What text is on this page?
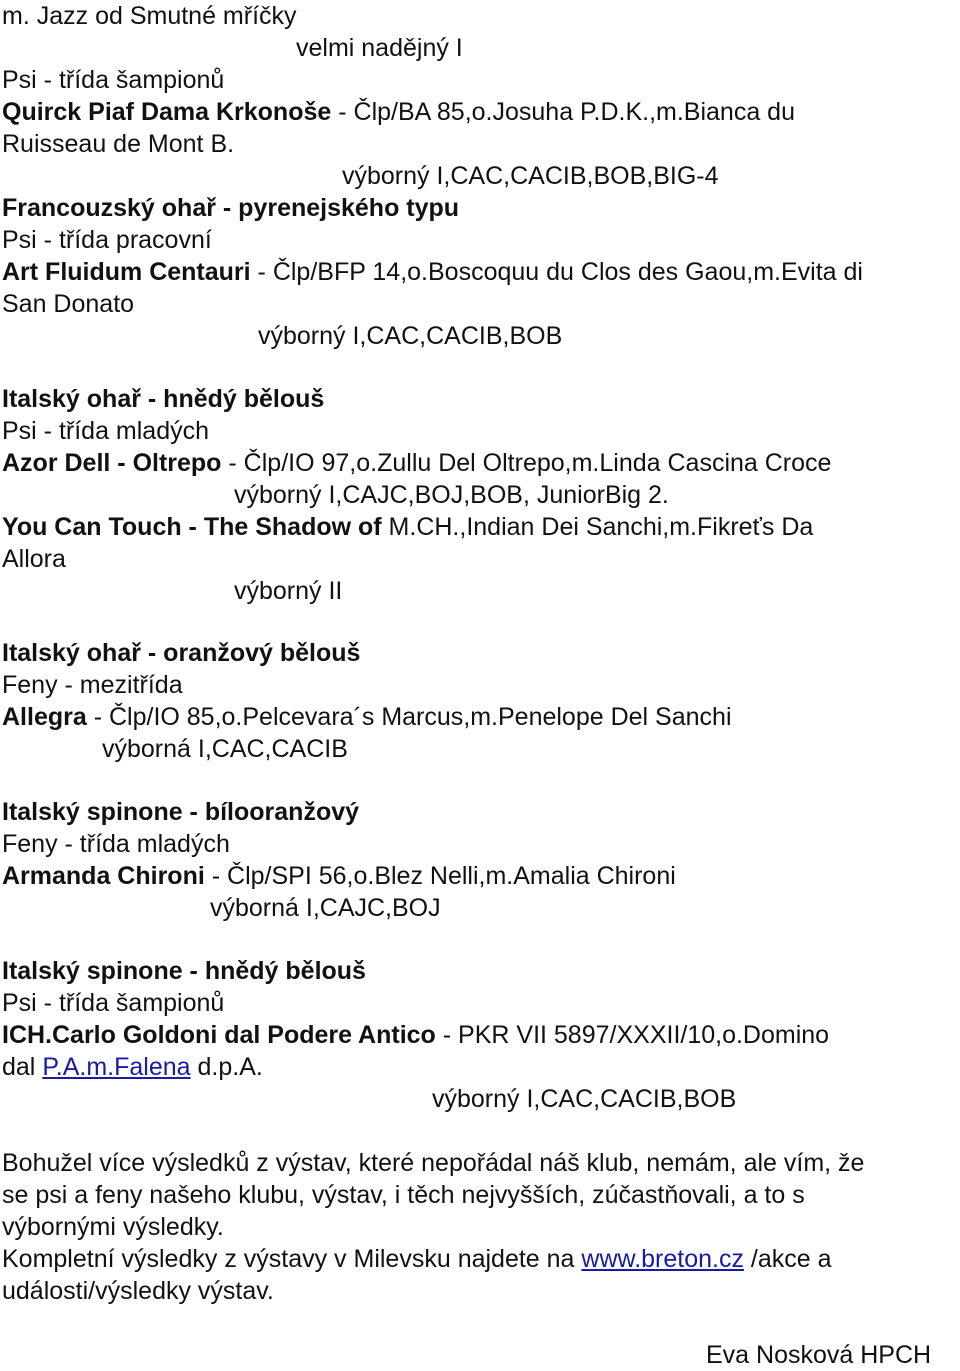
m. Jazz od Smutné mříčky
velmi nadějný I
Psi - třída šampionů
Quirck Piaf Dama Krkonoše - Člp/BA 85,o.Josuha P.D.K.,m.Bianca du
Ruisseau de Mont B.
výborný I,CAC,CACIB,BOB,BIG-4
Francouzský ohař - pyrenejského typu
Psi - třída pracovní
Art Fluidum Centauri - Člp/BFP 14,o.Boscoquu du Clos des Gaou,m.Evita di
San Donato
výborný I,CAC,CACIB,BOB
Italský ohař - hnědý bělouš
Psi - třída mladých
Azor Dell - Oltrepo - Člp/IO 97,o.Zullu Del Oltrepo,m.Linda Cascina Croce
výborný I,CAJC,BOJ,BOB, JuniorBig 2.
You Can Touch - The Shadow of M.CH.,Indian Dei Sanchi,m.Fikreťs Da
Allora
výborný II
Italský ohař - oranžový bělouš
Feny - mezitřída
Allegra - Člp/IO 85,o.Pelcevara´s Marcus,m.Penelope Del Sanchi
výborná I,CAC,CACIB
Italský spinone - bílooranžový
Feny - třída mladých
Armanda Chironi - Člp/SPI 56,o.Blez Nelli,m.Amalia Chironi
výborná I,CAJC,BOJ
Italský spinone - hnědý bělouš
Psi - třída šampionů
ICH.Carlo Goldoni dal Podere Antico - PKR VII 5897/XXXII/10,o.Domino
dal P.A.m.Falena d.p.A.
výborný I,CAC,CACIB,BOB
Bohužel více výsledků z výstav, které nepořádal náš klub, nemám, ale vím, že
se psi a feny našeho klubu, výstav, i těch nejvyšších, zúčastňovali, a to s
výbornými výsledky.
Kompletní výsledky z výstavy v Milevsku najdete na www.breton.cz /akce a
události/výsledky výstav.
Eva Nosková HPCH
